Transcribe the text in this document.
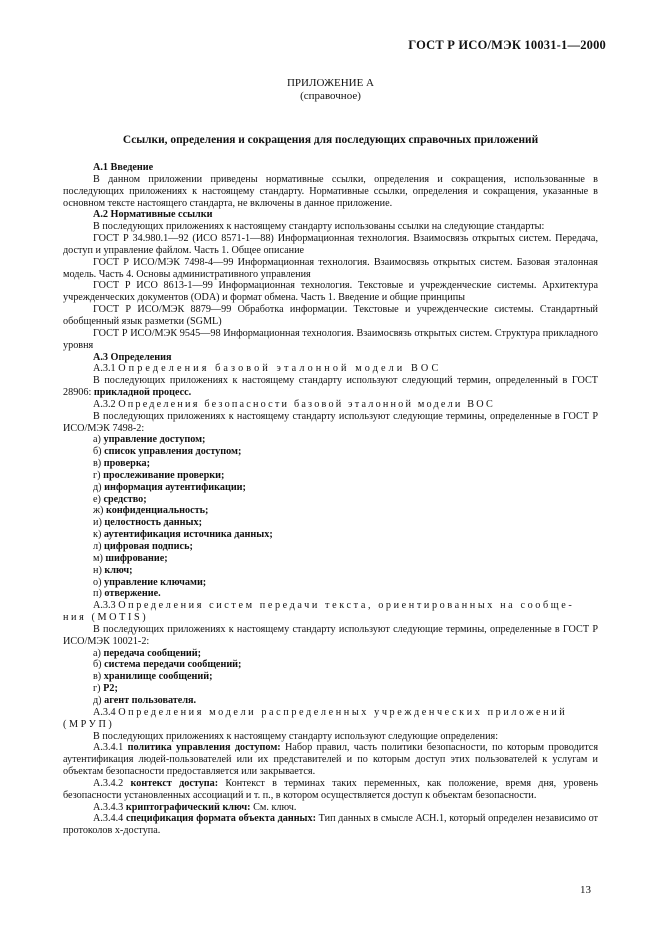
ГОСТ Р ИСО/МЭК 10031-1—2000
ПРИЛОЖЕНИЕ А
(справочное)
Ссылки, определения и сокращения для последующих справочных приложений

А.1 Введение

В данном приложении приведены нормативные ссылки, определения и сокращения, использованные в последующих приложениях к настоящему стандарту. Нормативные ссылки, определения и сокращения, указанные в основном тексте настоящего стандарта, не включены в данное приложение.

А.2 Нормативные ссылки

В последующих приложениях к настоящему стандарту использованы ссылки на следующие стандарты:

ГОСТ Р 34.980.1—92 (ИСО 8571-1—88) Информационная технология. Взаимосвязь открытых систем. Передача, доступ и управление файлом. Часть 1. Общее описание

ГОСТ Р ИСО/МЭК 7498-4—99 Информационная технология. Взаимосвязь открытых систем. Базовая эталонная модель. Часть 4. Основы административного управления

ГОСТ Р ИСО 8613-1—99 Информационная технология. Текстовые и учрежденческие системы. Архитектура учрежденческих документов (ODA) и формат обмена. Часть 1. Введение и общие принципы

ГОСТ Р ИСО/МЭК 8879—99 Обработка информации. Текстовые и учрежденческие системы. Стандартный обобщенный язык разметки (SGML)

ГОСТ Р ИСО/МЭК 9545—98 Информационная технология. Взаимосвязь открытых систем. Структура прикладного уровня

А.3 Определения

А.3.1 Определения базовой эталонной модели ВОС

В последующих приложениях к настоящему стандарту используют следующий термин, определенный в ГОСТ 28906: прикладной процесс.

А.3.2 Определения безопасности базовой эталонной модели ВОС

В последующих приложениях к настоящему стандарту используют следующие термины, определенные в ГОСТ Р ИСО/МЭК 7498-2:

а) управление доступом;

б) список управления доступом;

в) проверка;

г) прослеживание проверки;

д) информация аутентификации;

е) средство;

ж) конфиденциальность;

и) целостность данных;

к) аутентификация источника данных;

л) цифровая подпись;

м) шифрование;

н) ключ;

о) управление ключами;

п) отвержение.

А.3.3 Определения систем передачи текста, ориентированных на сообще-

ния (MOTIS)

В последующих приложениях к настоящему стандарту используют следующие термины, определенные в ГОСТ Р ИСО/МЭК 10021-2:

а) передача сообщений;

б) система передачи сообщений;

в) хранилище сообщений;

г) Р2;

д) агент пользователя.

А.3.4 Определения модели распределенных учрежденческих приложений

(МРУП)

В последующих приложениях к настоящему стандарту используют следующие определения:

А.3.4.1 политика управления доступом: Набор правил, часть политики безопасности, по которым проводится аутентификация людей-пользователей или их представителей и по которым доступ этих пользователей к услугам и объектам безопасности предоставляется или закрывается.

А.3.4.2 контекст доступа: Контекст в терминах таких переменных, как положение, время дня, уровень безопасности установленных ассоциаций и т. п., в котором осуществляется доступ к объектам безопасности.

А.3.4.3 криптографический ключ: См. ключ.

А.3.4.4 спецификация формата объекта данных: Тип данных в смысле АСН.1, который определен независимо от протоколов x-доступа.

13
